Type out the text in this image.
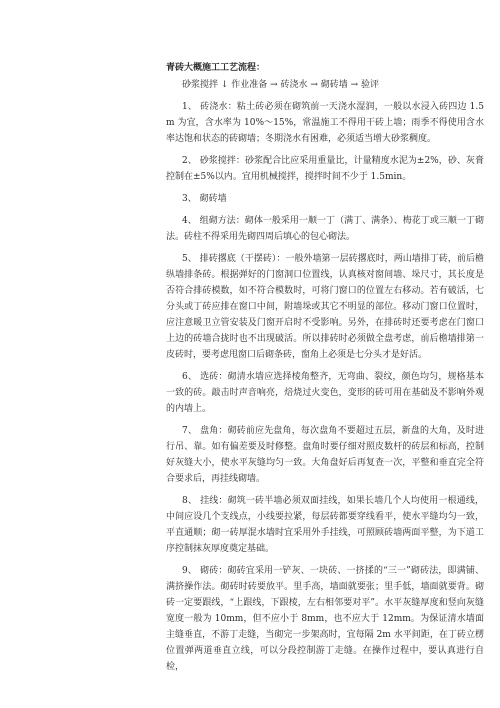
青砖大概施工工艺流程：
砂浆搅拌 ↓ 作业准备 → 砖浇水 → 砌砖墙 → 验评

1、 砖浇水：粘土砖必须在砌筑前一天浇水湿润，一般以水浸入砖四边 1.5m 为宜，含水率为 10%～15%，常温施工不得用干砖上墙；雨季不得使用含水率达饱和状态的砖砌墙；冬期浇水有困难，必须适当增大砂浆稠度。

2、 砂浆搅拌：砂浆配合比应采用重量比，计量精度水泥为±2%，砂、灰膏控制在±5%以内。宜用机械搅拌，搅拌时间不少于 1.5min。

3、 砌砖墙

4、 组砌方法：砌体一般采用一顺一丁（满丁、满条）、梅花丁或三顺一丁砌法。砖柱不得采用先砌四周后填心的包心砌法。

5、 排砖撂底（干摆砖）：一般外墙第一层砖撂底时，两山墙排丁砖，前后檐纵墙排条砖。根据弹好的门窗洞口位置线，认真核对窗间墙、垛尺寸，其长度是否符合排砖模数，如不符合模数时，可将门窗口的位置左右移动。若有破活，七分头或丁砖应排在窗口中间，附墙垛或其它不明显的部位。移动门窗口位置时，应注意暖卫立管安装及门窗开启时不受影响。另外，在排砖时还要考虑在门窗口上边的砖墙合拢时也不出现破活。所以排砖时必须做全盘考虑，前后檐墙排第一皮砖时，要考虑甩窗口后砌条砖，窗角上必须是七分头才是好活。

6、 选砖：砌清水墙应选择棱角整齐，无弯曲、裂纹，颜色均匀，规格基本一致的砖。敲击时声音响亮，焙烧过火变色，变形的砖可用在基础及不影响外观的内墙上。

7、 盘角：砌砖前应先盘角，每次盘角不要超过五层，新盘的大角，及时进行吊、靠。如有偏差要及时修整。盘角时要仔细对照皮数杆的砖层和标高，控制好灰缝大小，使水平灰缝均匀一致。大角盘好后再复查一次，平整和垂直完全符合要求后，再挂线砌墙。

8、 挂线：砌筑一砖半墙必须双面挂线，如果长墙几个人均使用一根通线，中间应设几个支线点，小线要拉紧，每层砖都要穿线看平，使水平缝均匀一致，平直通顺；砌一砖厚混水墙时宜采用外手挂线，可照顾砖墙两面平整，为下道工序控制抹灰厚度奠定基础。

9、 砌砖：砌砖宜采用一铲灰、一块砖、一挤揉的“三一”砌砖法，即满铺、满挤操作法。砌砖时砖要放平。里手高，墙面就要张；里手低，墙面就要背。砌砖一定要跟线，“上跟线，下跟棱，左右相邻要对平”。水平灰缝厚度和竖向灰缝宽度一般为 10mm，但不应小于 8mm，也不应大于 12mm。为保证清水墙面主缝垂直，不游丁走缝，当砌完一步架高时，宜每隔 2m 水平间距，在丁砖立楞位置弹两道垂直立线，可以分段控制游丁走缝。在操作过程中，要认真进行自检，
